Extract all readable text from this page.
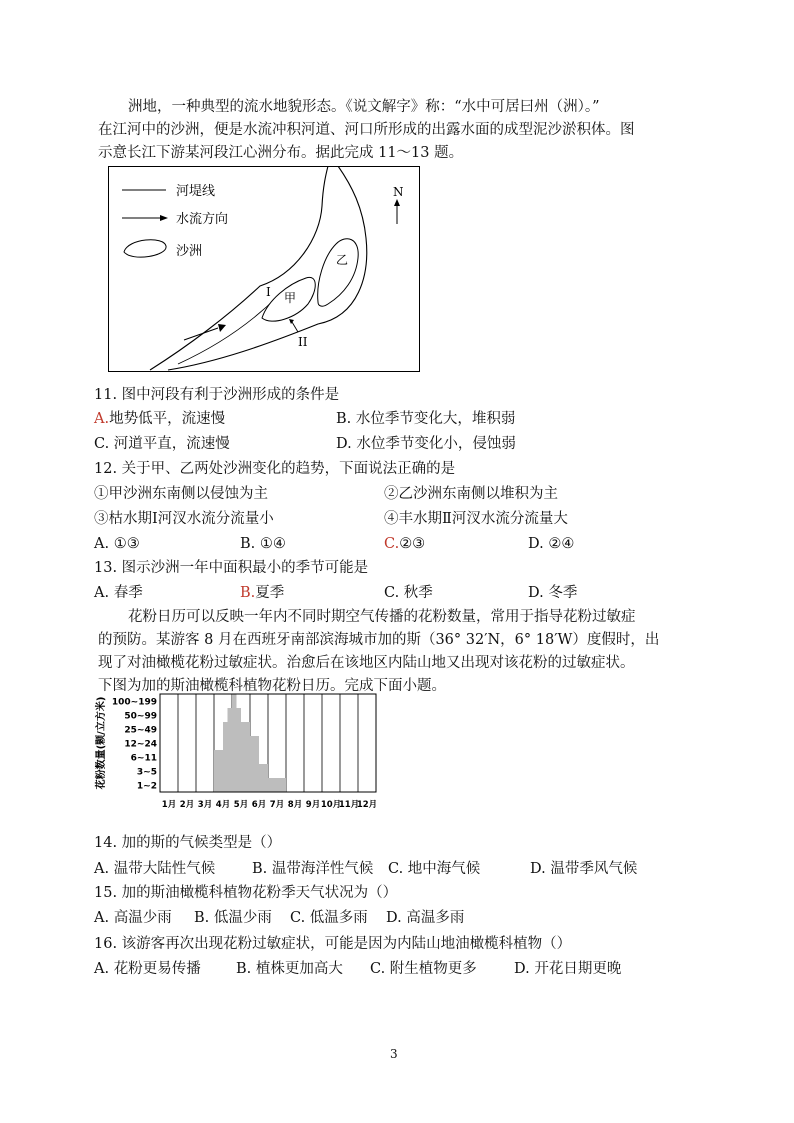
洲地，一种典型的流水地貌形态。《说文解字》称：“水中可居曰州（洲）。”
在江河中的沙洲，便是水流冲积河道、河口所形成的出露水面的成型泥沙淤积体。图
示意长江下游某河段江心洲分布。据此完成 11～13 题。
河堤线
水流方向
沙洲
N
甲
乙
I
II
11. 图中河段有利于沙洲形成的条件是
A.地势低平，流速慢	B. 水位季节变化大，堆积弱
C. 河道平直，流速慢	D. 水位季节变化小，侵蚀弱
12. 关于甲、乙两处沙洲变化的趋势，下面说法正确的是
①甲沙洲东南侧以侵蚀为主	②乙沙洲东南侧以堆积为主
③枯水期Ⅰ河汊水流分流量小	④丰水期Ⅱ河汊水流分流量大
A. ①③	B. ①④	C.②③	D. ②④
13. 图示沙洲一年中面积最小的季节可能是
A. 春季	B.夏季	C. 秋季	D. 冬季
花粉日历可以反映一年内不同时期空气传播的花粉数量，常用于指导花粉过敏症
的预防。某游客 8 月在西班牙南部滨海城市加的斯（36° 32′N，6° 18′W）度假时，出
现了对油橄榄花粉过敏症状。治愈后在该地区内陆山地又出现对该花粉的过敏症状。
下图为加的斯油橄榄科植物花粉日历。完成下面小题。
1~2
3~5
6~11
12~24
25~49
50~99
100~199
1月 2月 3月 4月 5月 6月 7月 8月 9月 10月
11月
12月
花粉数量(颗/立方米)
14. 加的斯的气候类型是（）
A. 温带大陆性气候	B. 温带海洋性气候 C. 地中海气候	D. 温带季风气候
15. 加的斯油橄榄科植物花粉季天气状况为（）
A. 高温少雨 B. 低温少雨 C. 低温多雨 D. 高温多雨
16. 该游客再次出现花粉过敏症状，可能是因为内陆山地油橄榄科植物（）
A. 花粉更易传播 B. 植株更加高大 C. 附生植物更多	D. 开花日期更晚
3
